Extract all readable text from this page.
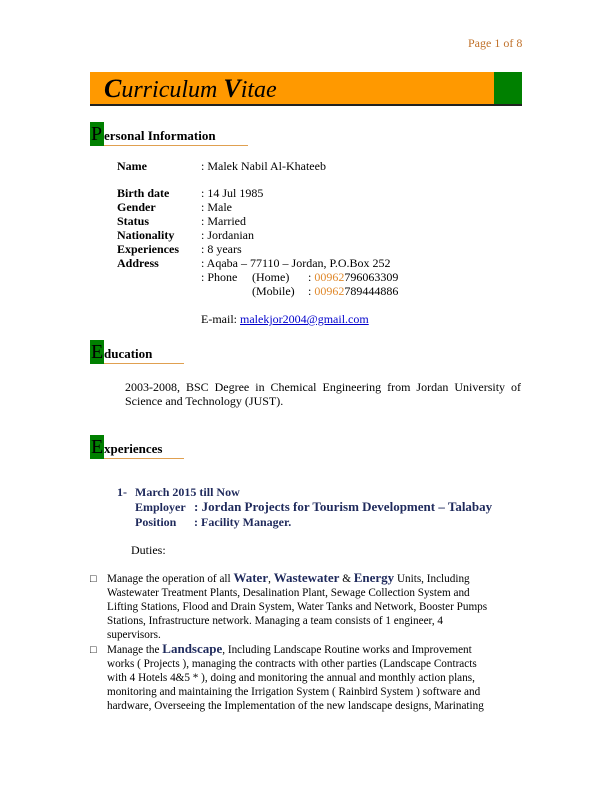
Page 1 of 8
Curriculum Vitae
P ersonal Information
Name	: Malek Nabil Al-Khateeb
Birth date	: 14 Jul 1985
Gender	: Male
Status	: Married
Nationality : Jordanian
Experiences : 8 years
Address	: Aqaba – 77110 – Jordan, P.O.Box 252
: Phone (Home) : 00962796063309
(Mobile) : 00962789444886
E-mail: malekjor2004@gmail.com
E ducation
2003-2008, BSC Degree in Chemical Engineering from Jordan University of
Science and Technology (JUST).
E xperiences
1- March 2015 till Now
Employer : Jordan Projects for Tourism Development – Talabay
Position : Facility Manager.
Duties:
□ Manage the operation of all Water, Wastewater & Energy Units, Including
Wastewater Treatment Plants, Desalination Plant, Sewage Collection System and
Lifting Stations, Flood and Drain System, Water Tanks and Network, Booster Pumps
Stations, Infrastructure network. Managing a team consists of 1 engineer, 4
supervisors.
□ Manage the Landscape, Including Landscape Routine works and Improvement
works ( Projects ), managing the contracts with other parties (Landscape Contracts
with 4 Hotels 4&5 * ), doing and monitoring the annual and monthly action plans,
monitoring and maintaining the Irrigation System ( Rainbird System ) software and
hardware, Overseeing the Implementation of the new landscape designs, Marinating
